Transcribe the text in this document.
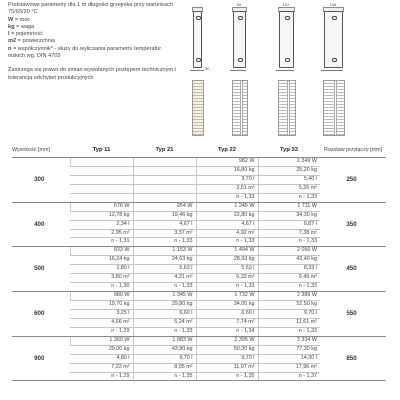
Podstawowe parametry dla 1 m długości grzejnika przy warunkach 75/65/20 °C

W = moc

kg = waga

l = pojemność

m2 = powierzchnia

n = współczynnik* - służy do wyliczania parametru temperatur niskich wg. DIN 4703

Zastrzega się prawo do zmian wywołanych postępem technicznym i tolerancją odchyleń produkcyjnych

30
60	102	158
Wysokość [mm]	Typ 11	Typ 21	Typ 22	Typ 33	Rozstaw przyłączy [mm]
300			982 W	1 349 W	250
			16,80 kg	25,20 kg	
			3,70 l	5,40 l	
			3,51 m²	5,26 m²	
			n - 1,33	n - 1,33	
400	676 W	954 W	1 245 W	1 711 W	350
	12,78 kg	19,46 kg	22,80 kg	34,30 kg	
	2,34 l	4,67 l	4,67 l	6,87 l	
	2,95 m²	3,37 m²	4,92 m²	7,38 m²	
	n - 1,31	n - 1,33	n - 1,33	n - 1,33	
500	833 W	1 153 W	1 494 W	2 056 W	450
	16,24 kg	24,63 kg	28,93 kg	43,40 kg	
	2,80 l	5,63 l	5,63 l	8,33 l	
	3,80 m²	4,31 m²	6,33 m²	9,49 m²	
	n - 1,30	n - 1,33	n - 1,33	n - 1,33	
600	980 W	1 345 W	1 732 W	2 389 W	550
	19,70 kg	29,80 kg	34,00 kg	52,50 kg	
	3,25 l	6,60 l	6,60 l	9,70 l	
	4,66 m²	5,24 m²	7,74 m²	11,61 m²	
	n - 1,29	n - 1,33	n - 1,34	n - 1,33	
900	1 360 W	1 883 W	2 395 W	3 334 W	850
	29,00 kg	43,90 kg	50,30 kg	77,30 kg	
	4,80 l	9,70 l	9,70 l	14,30 l	
	7,22 m²	8,05 m²	11,97 m²	17,96 m²	
	n - 1,29	n - 1,35	n - 1,35	n - 1,37	
